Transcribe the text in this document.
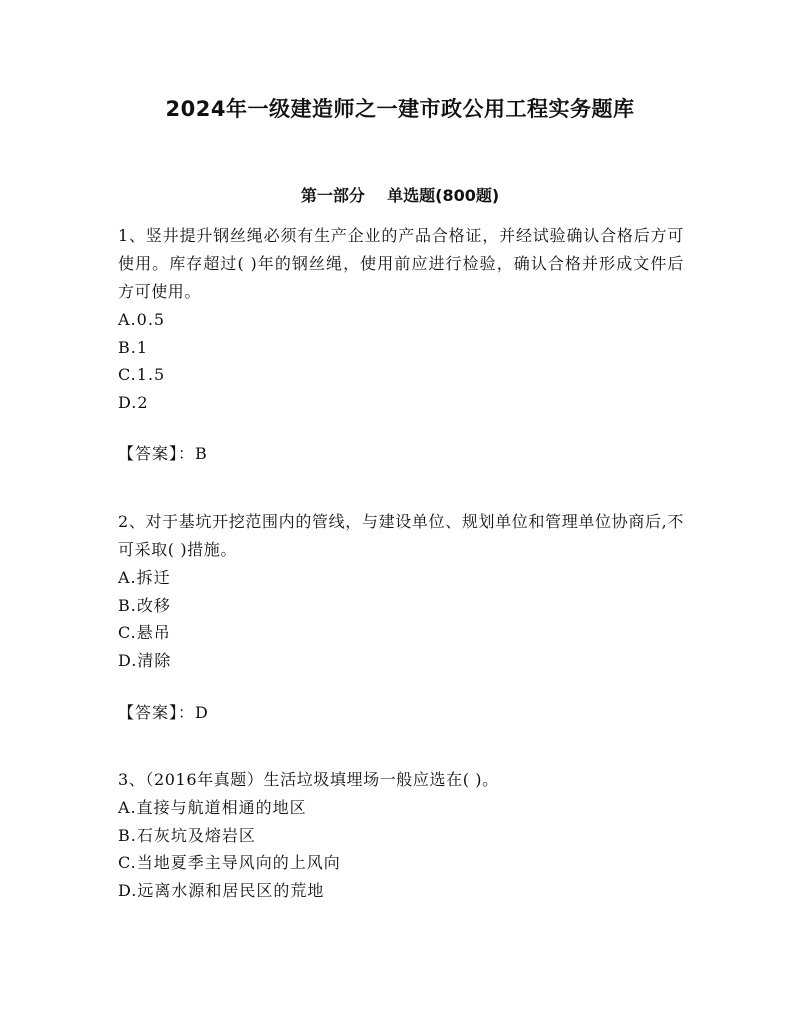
2024年一级建造师之一建市政公用工程实务题库
第一部分    单选题(800题)

1、竖井提升钢丝绳必须有生产企业的产品合格证，并经试验确认合格后方可使用。库存超过( )年的钢丝绳，使用前应进行检验，确认合格并形成文件后方可使用。

A.0.5

B.1

C.1.5

D.2

【答案】：B

2、对于基坑开挖范围内的管线，与建设单位、规划单位和管理单位协商后,不可采取( )措施。

A.拆迁

B.改移

C.悬吊

D.清除

【答案】：D

3、（2016年真题）生活垃圾填埋场一般应选在( )。

A.直接与航道相通的地区

B.石灰坑及熔岩区

C.当地夏季主导风向的上风向

D.远离水源和居民区的荒地
